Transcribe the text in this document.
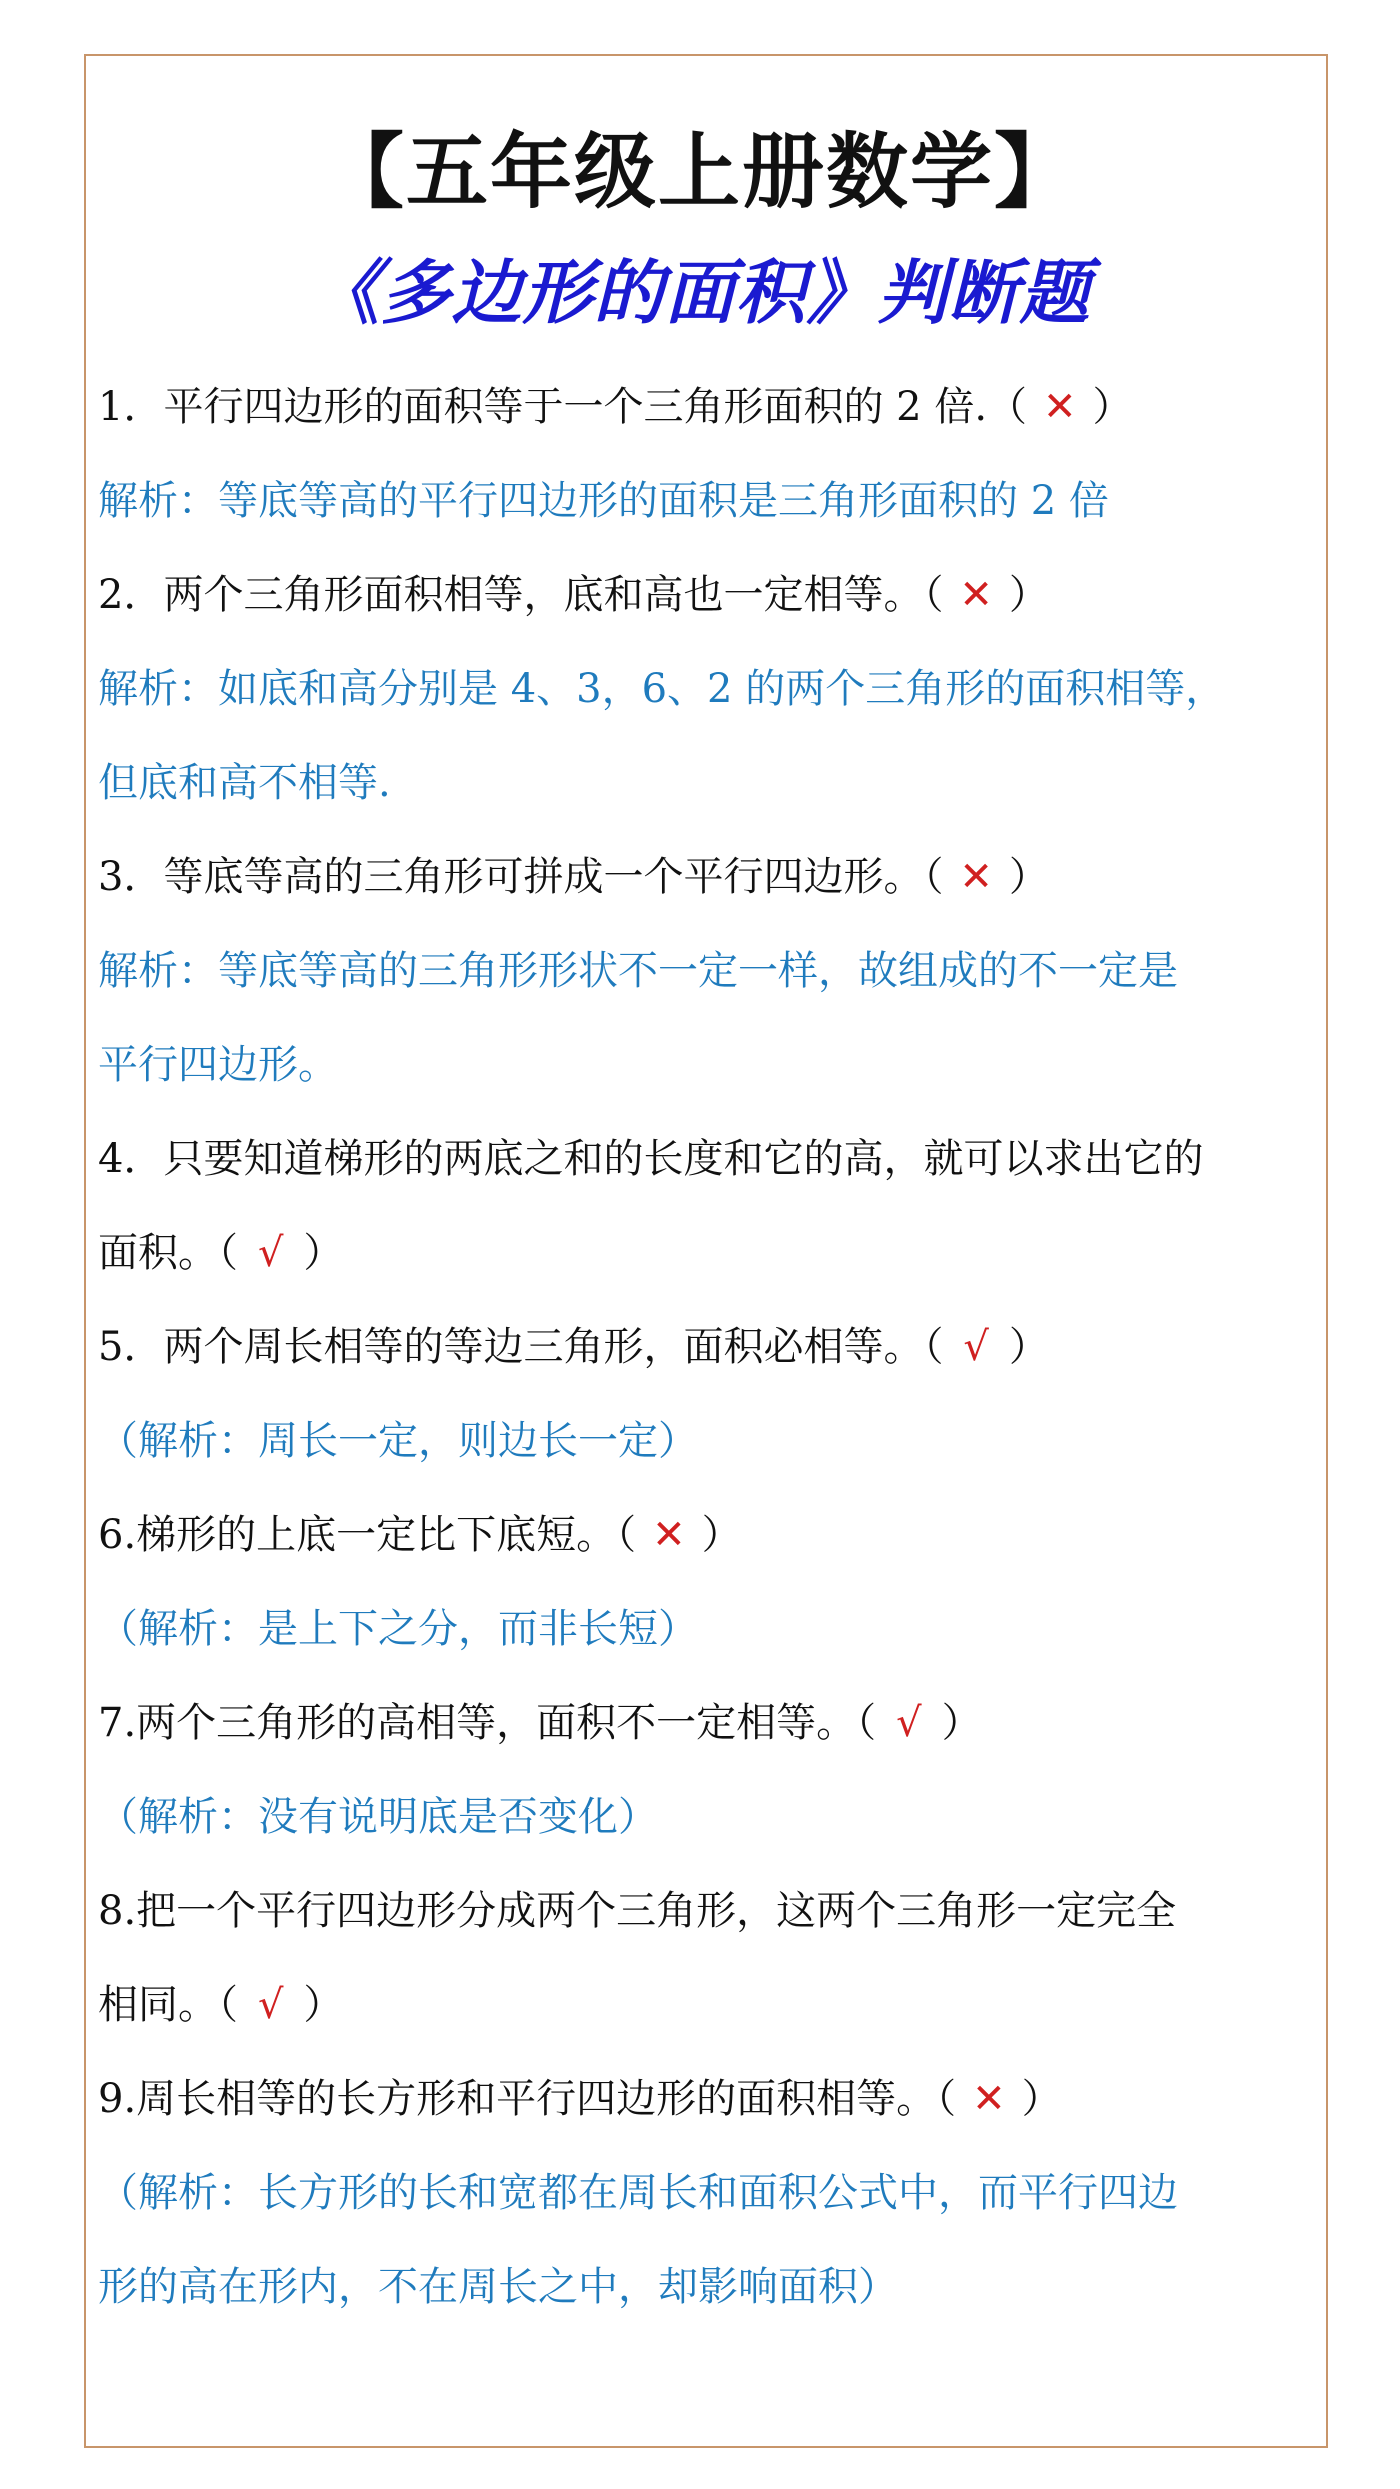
【五年级上册数学】
《多边形的面积》判断题
1．平行四边形的面积等于一个三角形面积的 2 倍.（ ✕ ）
解析：等底等高的平行四边形的面积是三角形面积的 2 倍
2．两个三角形面积相等，底和高也一定相等。（ ✕ ）
解析：如底和高分别是 4、3，6、2 的两个三角形的面积相等，
但底和高不相等.
3．等底等高的三角形可拼成一个平行四边形。（ ✕ ）
解析：等底等高的三角形形状不一定一样，故组成的不一定是
平行四边形。
4．只要知道梯形的两底之和的长度和它的高，就可以求出它的
面积。（ √ ）
5．两个周长相等的等边三角形，面积必相等。（ √ ）
（解析：周长一定，则边长一定）
6.梯形的上底一定比下底短。（ ✕ ）
（解析：是上下之分，而非长短）
7.两个三角形的高相等，面积不一定相等。（ √ ）
（解析：没有说明底是否变化）
8.把一个平行四边形分成两个三角形，这两个三角形一定完全
相同。（ √ ）
9.周长相等的长方形和平行四边形的面积相等。（ ✕ ）
（解析：长方形的长和宽都在周长和面积公式中，而平行四边
形的高在形内，不在周长之中，却影响面积）
